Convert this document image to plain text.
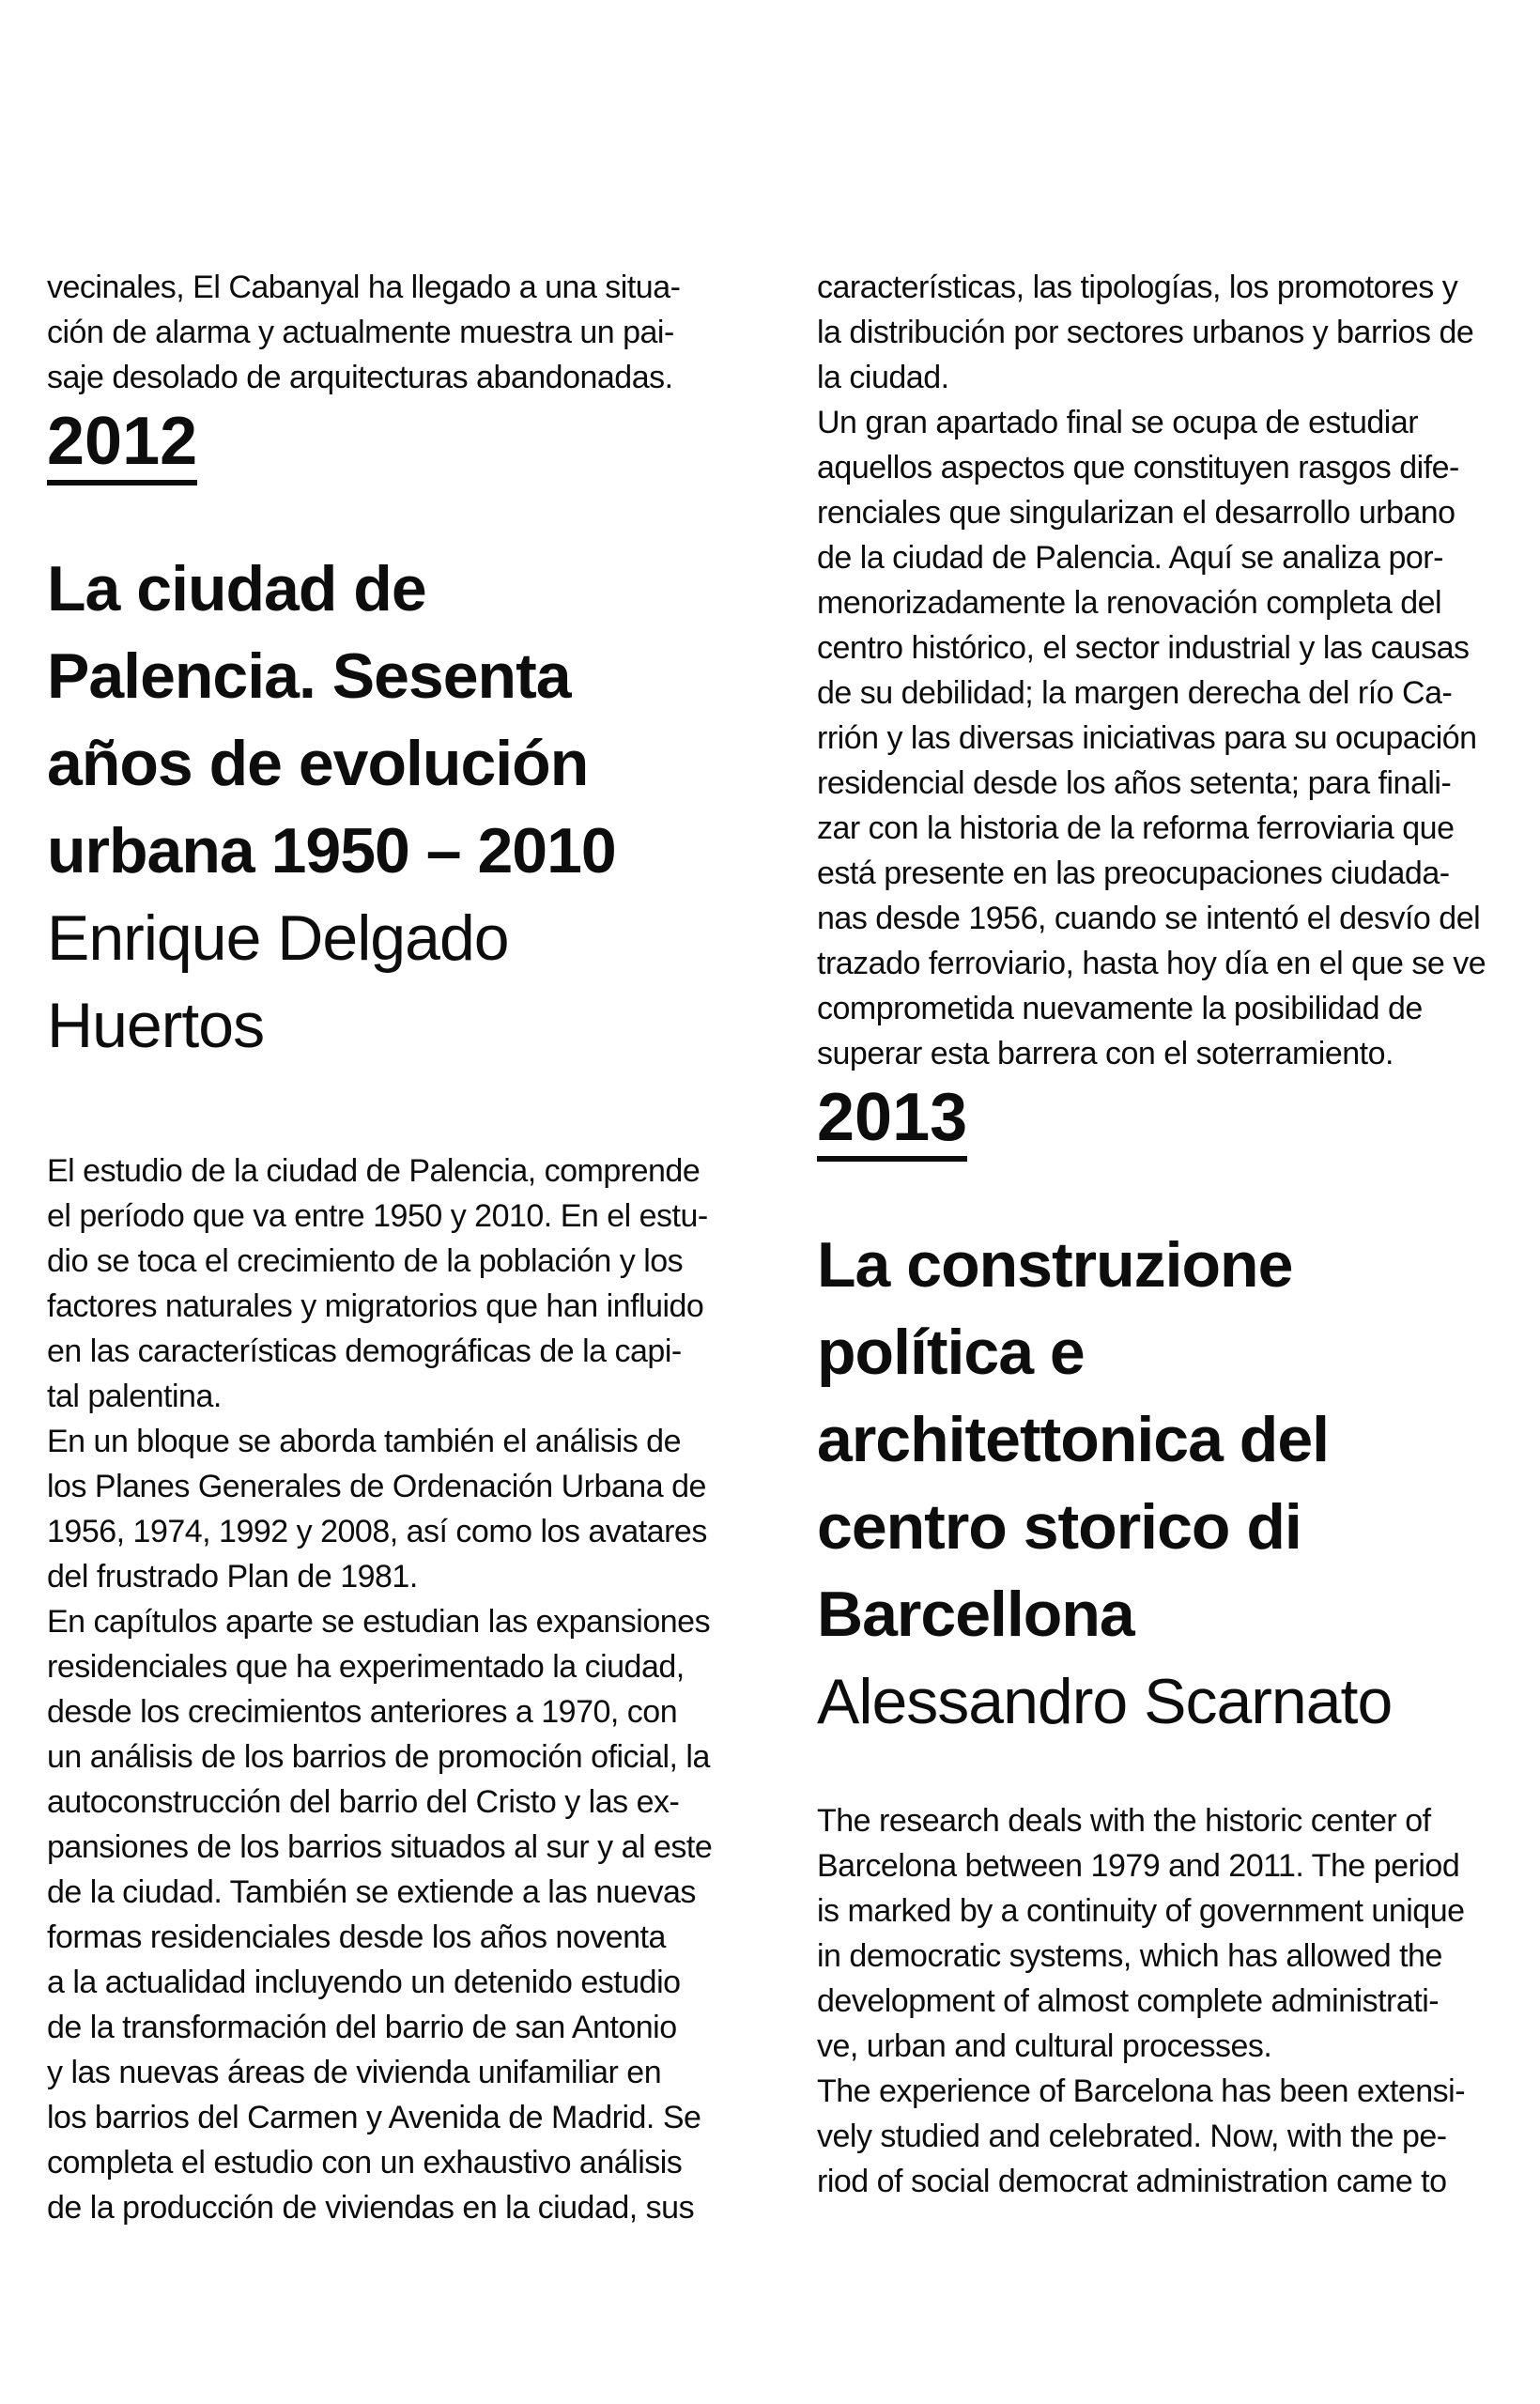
vecinales, El Cabanyal ha llegado a una situa-
ción de alarma y actualmente muestra un pai-
saje desolado de arquitecturas abandonadas.
2012
La ciudad de
Palencia. Sesenta
años de evolución
urbana 1950 – 2010
Enrique Delgado
Huertos
El estudio de la ciudad de Palencia, comprende
el período que va entre 1950 y 2010. En el estu-
dio se toca el crecimiento de la población y los
factores naturales y migratorios que han influido
en las características demográficas de la capi-
tal palentina.
En un bloque se aborda también el análisis de
los Planes Generales de Ordenación Urbana de
1956, 1974, 1992 y 2008, así como los avatares
del frustrado Plan de 1981.
En capítulos aparte se estudian las expansiones
residenciales que ha experimentado la ciudad,
desde los crecimientos anteriores a 1970, con
un análisis de los barrios de promoción oficial, la
autoconstrucción del barrio del Cristo y las ex-
pansiones de los barrios situados al sur y al este
de la ciudad. También se extiende a las nuevas
formas residenciales desde los años noventa
a la actualidad incluyendo un detenido estudio
de la transformación del barrio de san Antonio
y las nuevas áreas de vivienda unifamiliar en
los barrios del Carmen y Avenida de Madrid. Se
completa el estudio con un exhaustivo análisis
de la producción de viviendas en la ciudad, sus
características, las tipologías, los promotores y
la distribución por sectores urbanos y barrios de
la ciudad.
Un gran apartado final se ocupa de estudiar
aquellos aspectos que constituyen rasgos dife-
renciales que singularizan el desarrollo urbano
de la ciudad de Palencia. Aquí se analiza por-
menorizadamente la renovación completa del
centro histórico, el sector industrial y las causas
de su debilidad; la margen derecha del río Ca-
rrión y las diversas iniciativas para su ocupación
residencial desde los años setenta; para finali-
zar con la historia de la reforma ferroviaria que
está presente en las preocupaciones ciudada-
nas desde 1956, cuando se intentó el desvío del
trazado ferroviario, hasta hoy día en el que se ve
comprometida nuevamente la posibilidad de
superar esta barrera con el soterramiento.
2013
La construzione
política e
architettonica del
centro storico di
Barcellona
Alessandro Scarnato
The research deals with the historic center of
Barcelona between 1979 and 2011. The period
is marked by a continuity of government unique
in democratic systems, which has allowed the
development of almost complete administrati-
ve, urban and cultural processes.
The experience of Barcelona has been extensi-
vely studied and celebrated. Now, with the pe-
riod of social democrat administration came to
